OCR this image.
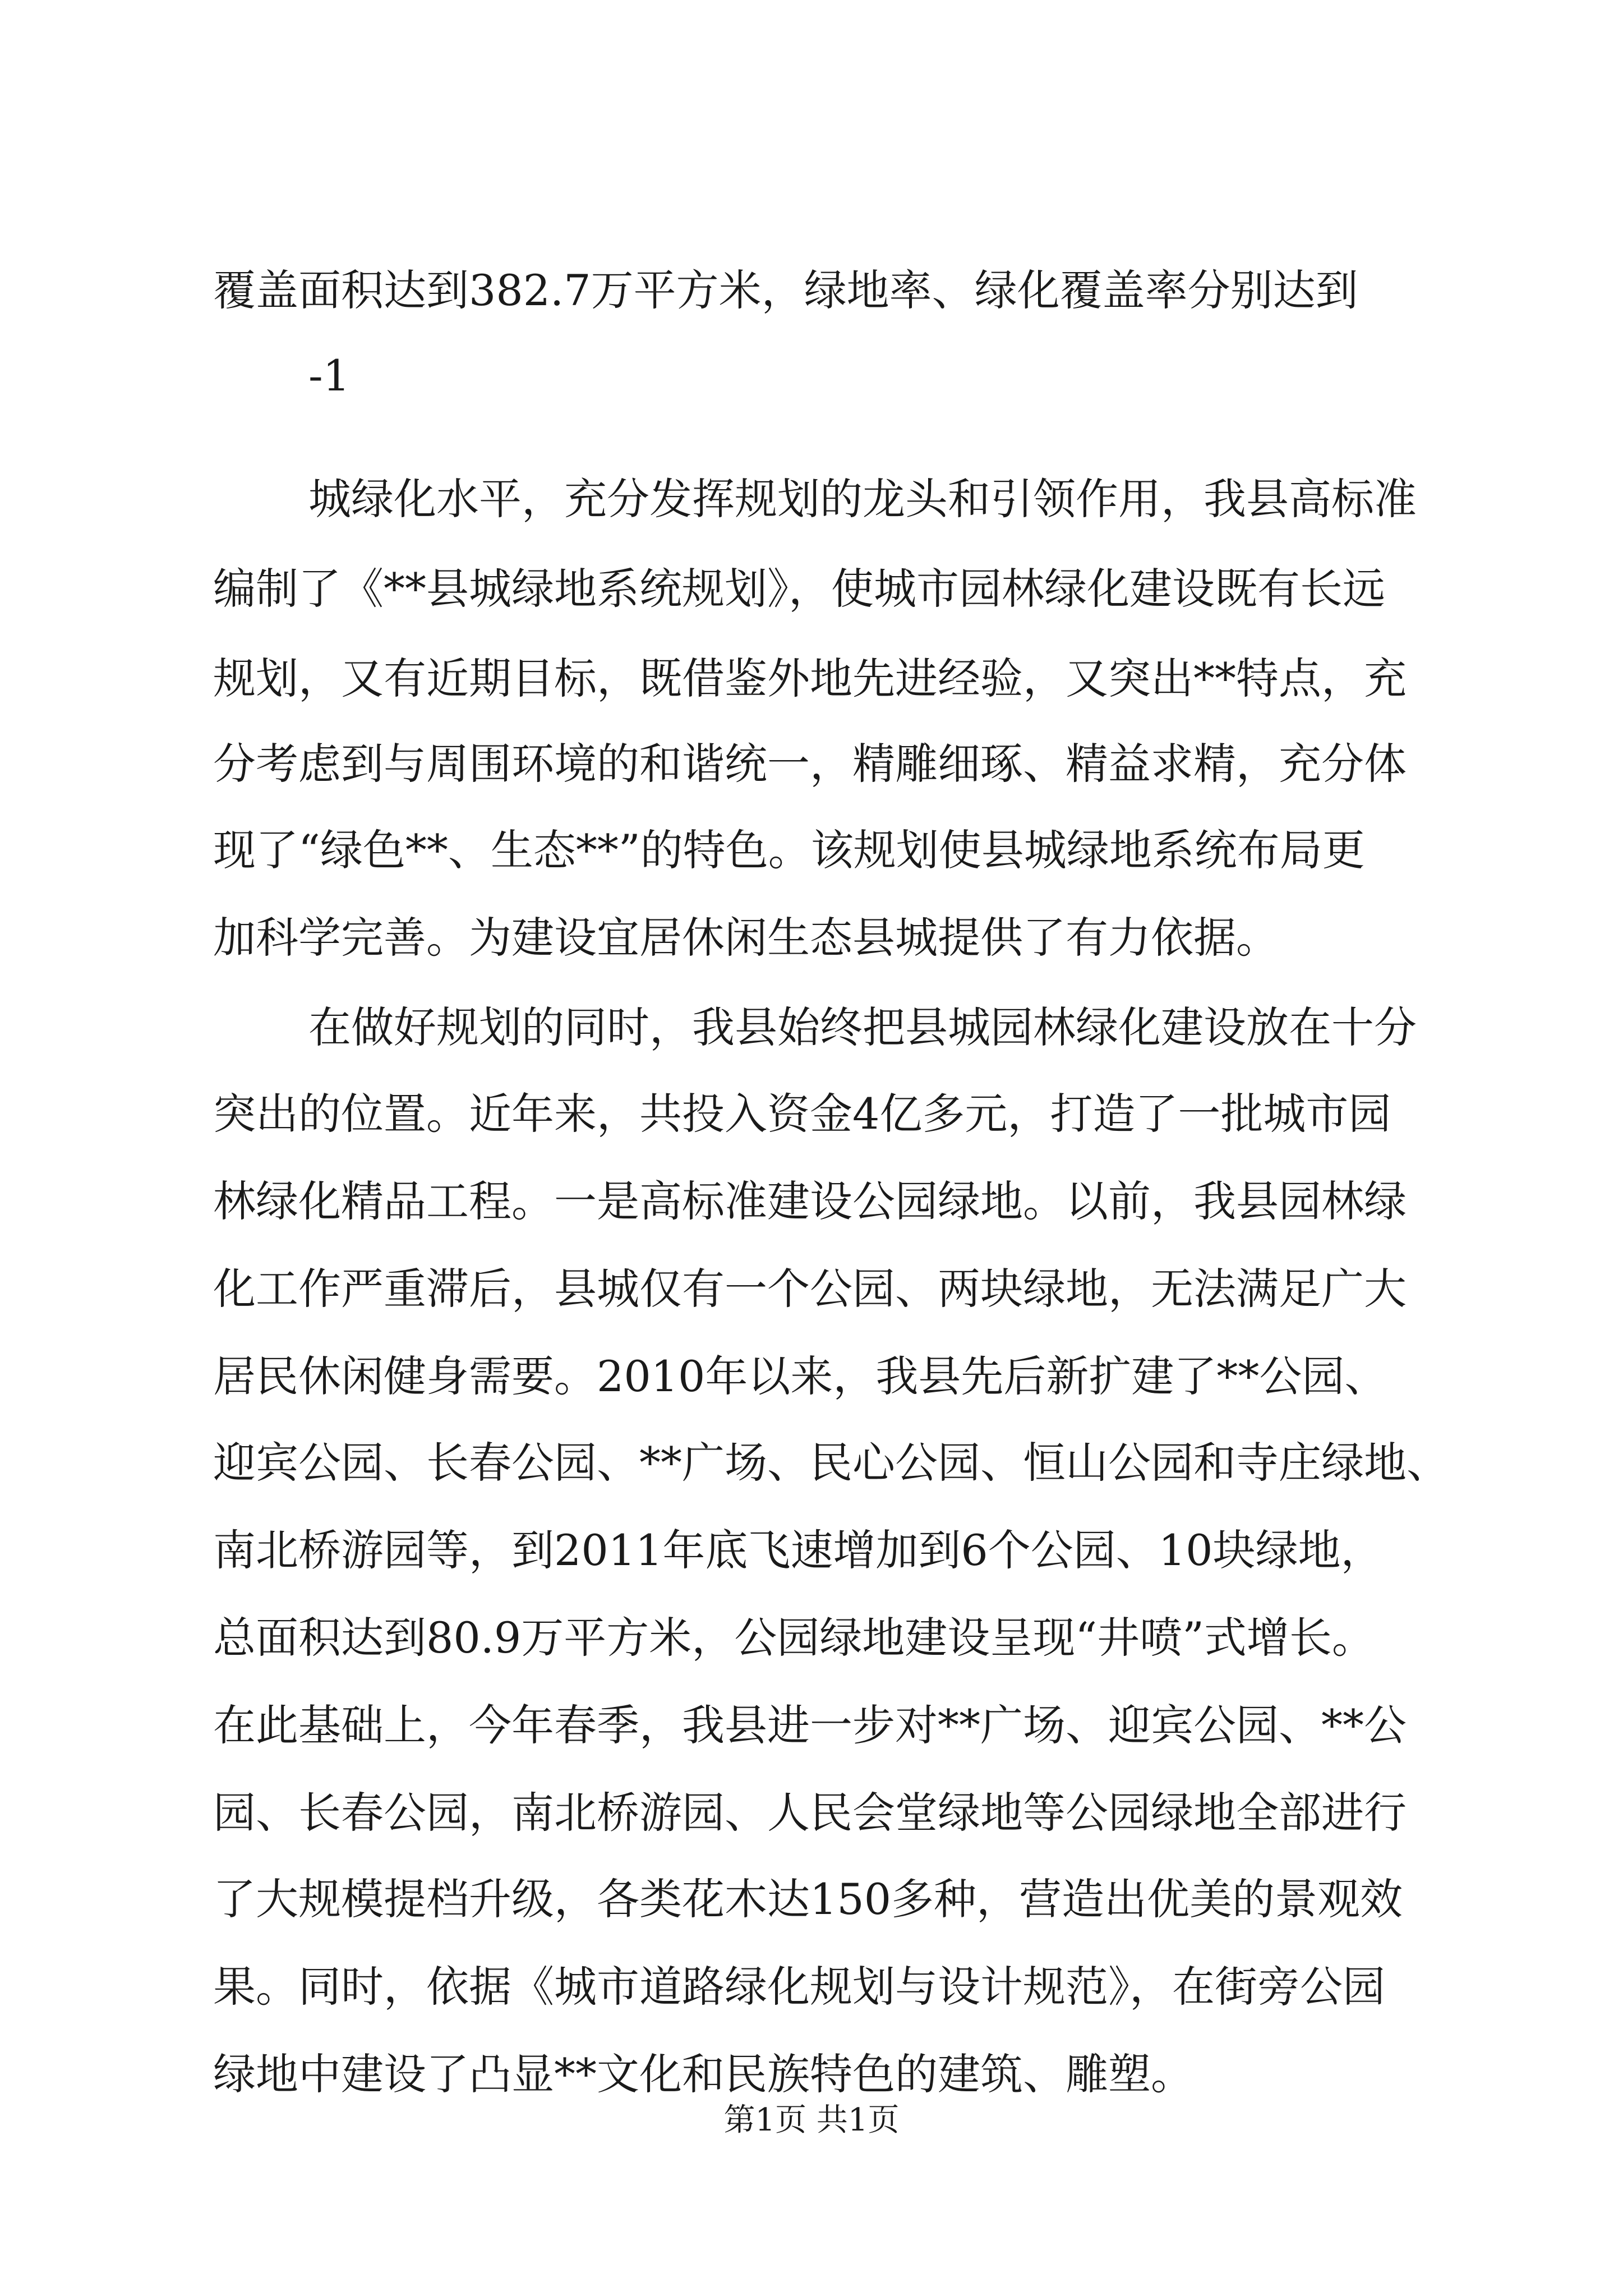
覆盖面积达到382.7万平方米，绿地率、绿化覆盖率分别达到
-1
城绿化水平，充分发挥规划的龙头和引领作用，我县高标准
编制了《**县城绿地系统规划》，使城市园林绿化建设既有长远
规划，又有近期目标，既借鉴外地先进经验，又突出**特点，充
分考虑到与周围环境的和谐统一，精雕细琢、精益求精，充分体
现了“绿色**、生态**”的特色。该规划使县城绿地系统布局更
加科学完善。为建设宜居休闲生态县城提供了有力依据。
在做好规划的同时，我县始终把县城园林绿化建设放在十分
突出的位置。近年来，共投入资金4亿多元，打造了一批城市园
林绿化精品工程。一是高标准建设公园绿地。以前，我县园林绿
化工作严重滞后，县城仅有一个公园、两块绿地，无法满足广大
居民休闲健身需要。2010年以来，我县先后新扩建了**公园、
迎宾公园、长春公园、**广场、民心公园、恒山公园和寺庄绿地、
南北桥游园等，到2011年底飞速增加到6个公园、10块绿地，
总面积达到80.9万平方米，公园绿地建设呈现“井喷”式增长。
在此基础上，今年春季，我县进一步对**广场、迎宾公园、**公
园、长春公园，南北桥游园、人民会堂绿地等公园绿地全部进行
了大规模提档升级，各类花木达150多种，营造出优美的景观效
果。同时，依据《城市道路绿化规划与设计规范》，在街旁公园
绿地中建设了凸显**文化和民族特色的建筑、雕塑。
第1页 共1页
